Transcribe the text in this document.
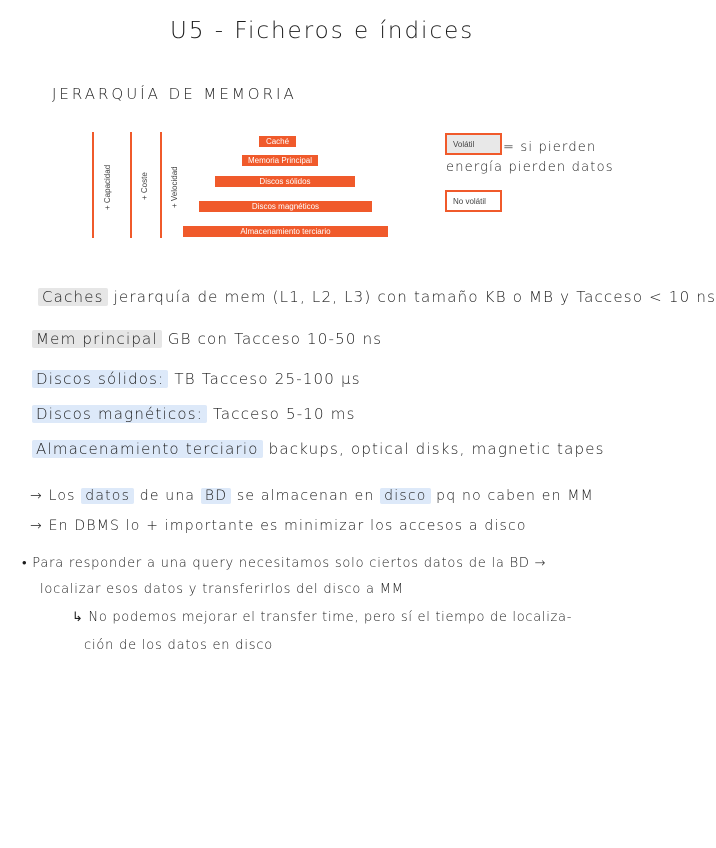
U5 - Ficheros e índices
JERARQUÍA DE MEMORIA
+ Capacidad	+ Coste	+ Velocidad
Caché
Memoria Principal
Discos sólidos
Discos magnéticos
Almacenamiento terciario
Volátil
No volátil
= si pierden
energía pierden datos
Caches jerarquía de mem (L1, L2, L3) con tamaño KB o MB y Tacceso < 10 ns
Mem principal GB con Tacceso 10-50 ns
Discos sólidos: TB Tacceso 25-100 µs
Discos magnéticos: Tacceso 5-10 ms
Almacenamiento terciario backups, optical disks, magnetic tapes
→ Los datos de una BD se almacenan en disco pq no caben en MM
→ En DBMS lo + importante es minimizar los accesos a disco
• Para responder a una query necesitamos solo ciertos datos de la BD →
localizar esos datos y transferirlos del disco a MM
↳ No podemos mejorar el transfer time, pero sí el tiempo de localiza-
ción de los datos en disco
